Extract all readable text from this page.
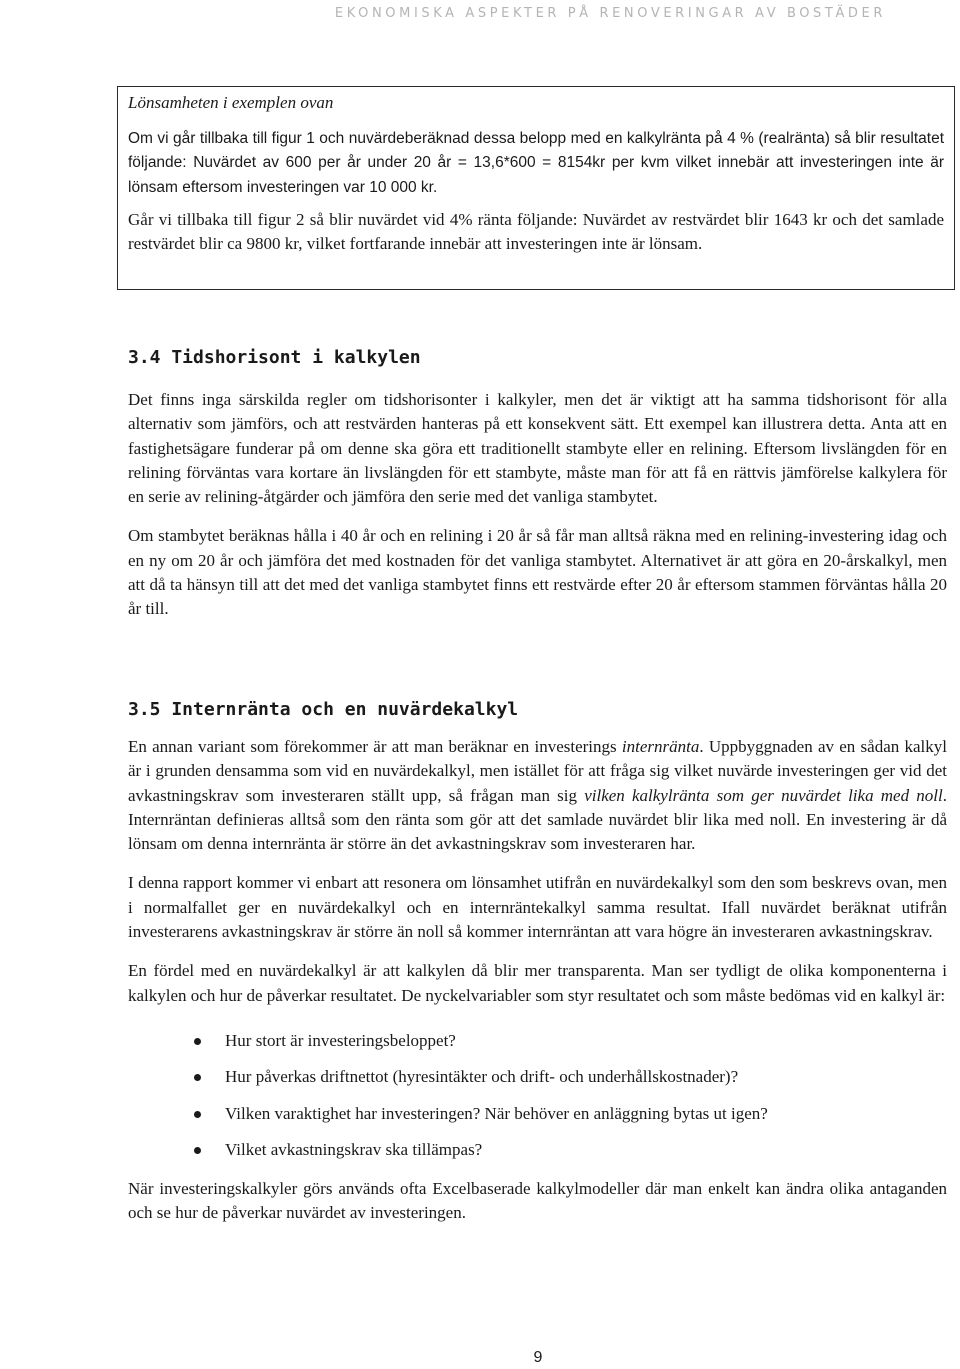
EKONOMISKA ASPEKTER PÅ RENOVERINGAR AV BOSTÄDER
Lönsamheten i exemplen ovan

Om vi går tillbaka till figur 1 och nuvärdeberäknad dessa belopp med en kalkylränta på 4 % (realränta) så blir resultatet följande: Nuvärdet av 600 per år under 20 år = 13,6*600 = 8154kr per kvm vilket innebär att investeringen inte är lönsam eftersom investeringen var 10 000 kr.

Går vi tillbaka till figur 2 så blir nuvärdet vid 4% ränta följande: Nuvärdet av restvärdet blir 1643 kr och det samlade restvärdet blir ca 9800 kr, vilket fortfarande innebär att investeringen inte är lönsam.

3.4 Tidshorisont i kalkylen

Det finns inga särskilda regler om tidshorisonter i kalkyler, men det är viktigt att ha samma tidshorisont för alla alternativ som jämförs, och att restvärden hanteras på ett konsekvent sätt. Ett exempel kan illustrera detta. Anta att en fastighetsägare funderar på om denne ska göra ett traditionellt stambyte eller en relining. Eftersom livslängden för en relining förväntas vara kortare än livslängden för ett stambyte, måste man för att få en rättvis jämförelse kalkylera för en serie av relining-åtgärder och jämföra den serie med det vanliga stambytet.

Om stambytet beräknas hålla i 40 år och en relining i 20 år så får man alltså räkna med en relining-investering idag och en ny om 20 år och jämföra det med kostnaden för det vanliga stambytet. Alternativet är att göra en 20-årskalkyl, men att då ta hänsyn till att det med det vanliga stambytet finns ett restvärde efter 20 år eftersom stammen förväntas hålla 20 år till.

3.5 Internränta och en nuvärdekalkyl

En annan variant som förekommer är att man beräknar en investerings internränta. Uppbyggnaden av en sådan kalkyl är i grunden densamma som vid en nuvärdekalkyl, men istället för att fråga sig vilket nuvärde investeringen ger vid det avkastningskrav som investeraren ställt upp, så frågan man sig vilken kalkylränta som ger nuvärdet lika med noll. Internräntan definieras alltså som den ränta som gör att det samlade nuvärdet blir lika med noll. En investering är då lönsam om denna internränta är större än det avkastningskrav som investeraren har.

I denna rapport kommer vi enbart att resonera om lönsamhet utifrån en nuvärdekalkyl som den som beskrevs ovan, men i normalfallet ger en nuvärdekalkyl och en internräntekalkyl samma resultat. Ifall nuvärdet beräknat utifrån investerarens avkastningskrav är större än noll så kommer internräntan att vara högre än investeraren avkastningskrav.

En fördel med en nuvärdekalkyl är att kalkylen då blir mer transparenta. Man ser tydligt de olika komponenterna i kalkylen och hur de påverkar resultatet. De nyckelvariabler som styr resultatet och som måste bedömas vid en kalkyl är:

Hur stort är investeringsbeloppet?
Hur påverkas driftnettot (hyresintäkter och drift- och underhållskostnader)?
Vilken varaktighet har investeringen? När behöver en anläggning bytas ut igen?
Vilket avkastningskrav ska tillämpas?

När investeringskalkyler görs används ofta Excelbaserade kalkylmodeller där man enkelt kan ändra olika antaganden och se hur de påverkar nuvärdet av investeringen.

9
